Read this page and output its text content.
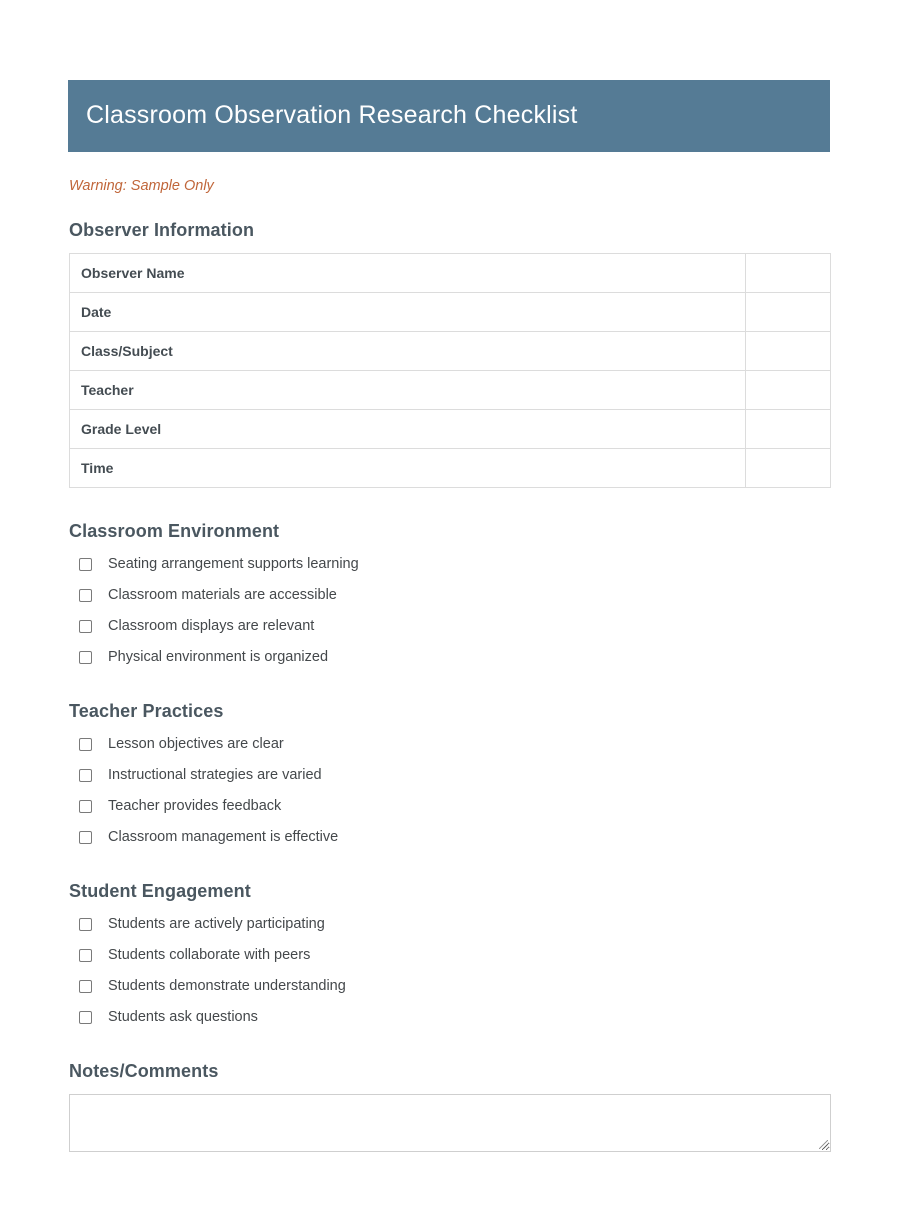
Classroom Observation Research Checklist
Warning: Sample Only
Observer Information
Observer Name	
Date	
Class/Subject	
Teacher	
Grade Level	
Time	
Classroom Environment
Seating arrangement supports learning
Classroom materials are accessible
Classroom displays are relevant
Physical environment is organized
Teacher Practices
Lesson objectives are clear
Instructional strategies are varied
Teacher provides feedback
Classroom management is effective
Student Engagement
Students are actively participating
Students collaborate with peers
Students demonstrate understanding
Students ask questions
Notes/Comments
